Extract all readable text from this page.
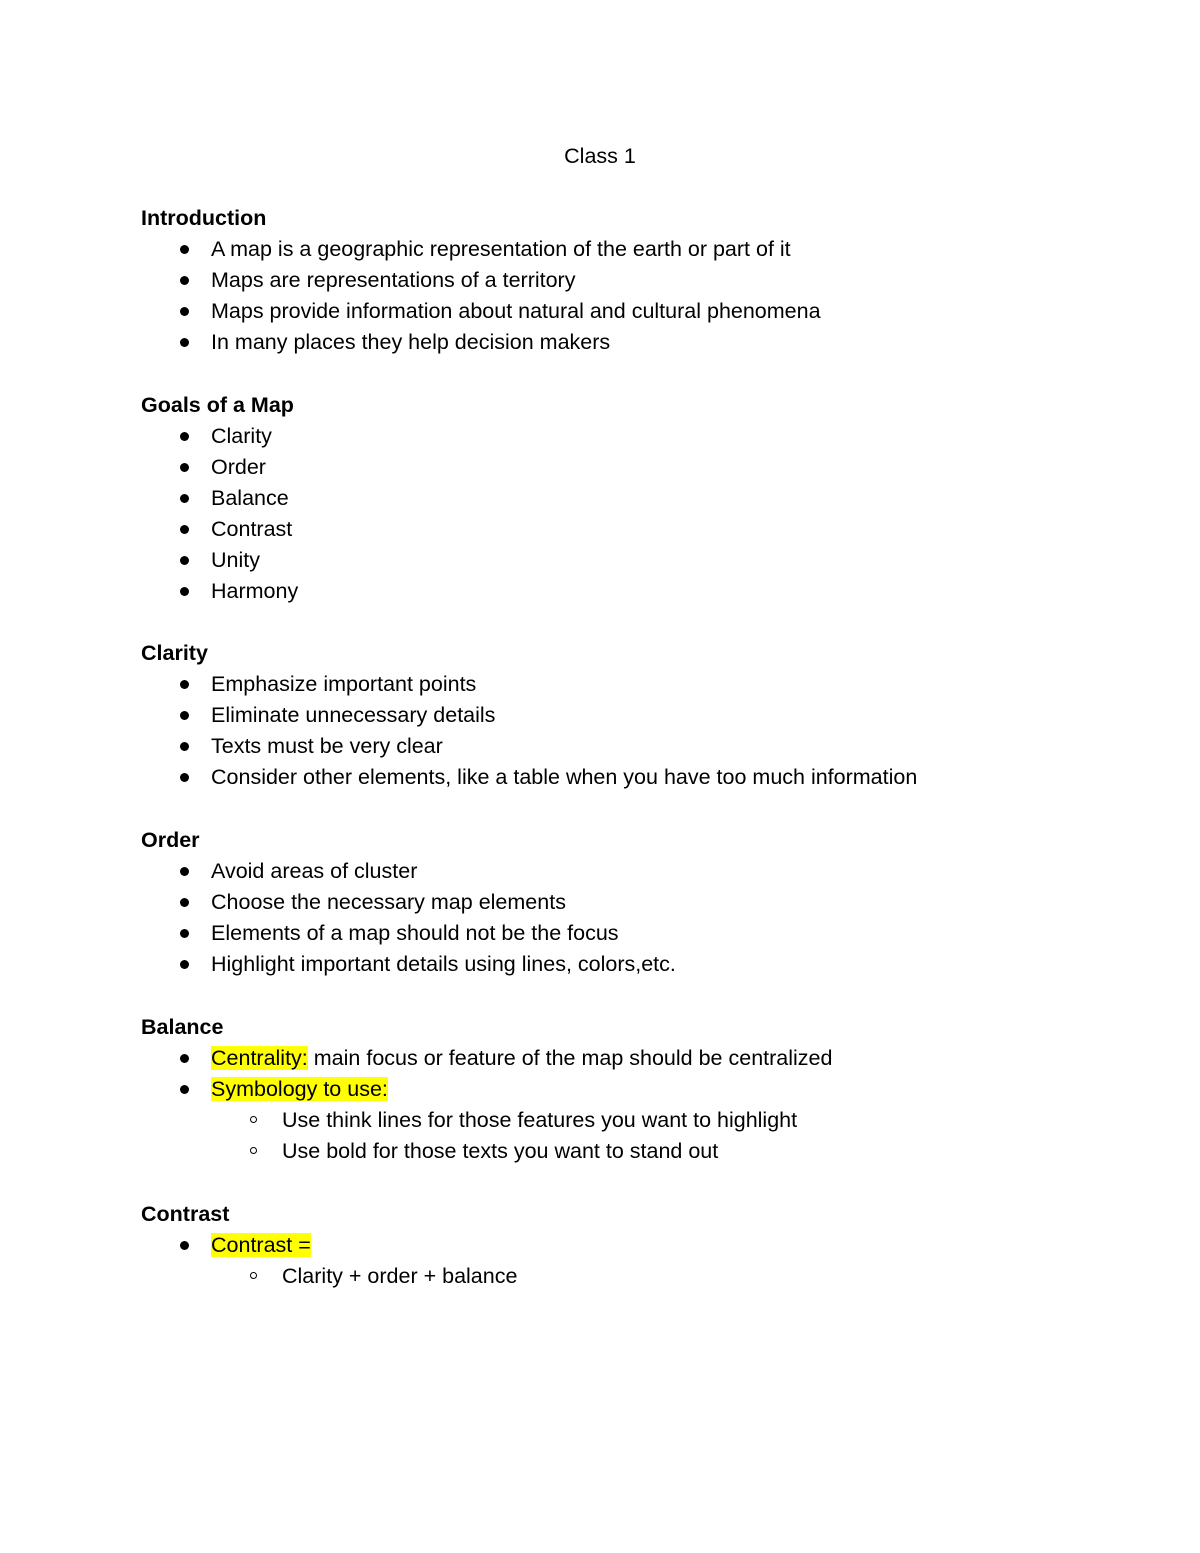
Class 1
Introduction
A map is a geographic representation of the earth or part of it
Maps are representations of a territory
Maps provide information about natural and cultural phenomena
In many places they help decision makers
Goals of a Map
Clarity
Order
Balance
Contrast
Unity
Harmony
Clarity
Emphasize important points
Eliminate unnecessary details
Texts must be very clear
Consider other elements, like a table when you have too much information
Order
Avoid areas of cluster
Choose the necessary map elements
Elements of a map should not be the focus
Highlight important details using lines, colors,etc.
Balance
Centrality: main focus or feature of the map should be centralized
Symbology to use:
Use think lines for those features you want to highlight
Use bold for those texts you want to stand out
Contrast
Contrast =
Clarity + order + balance
